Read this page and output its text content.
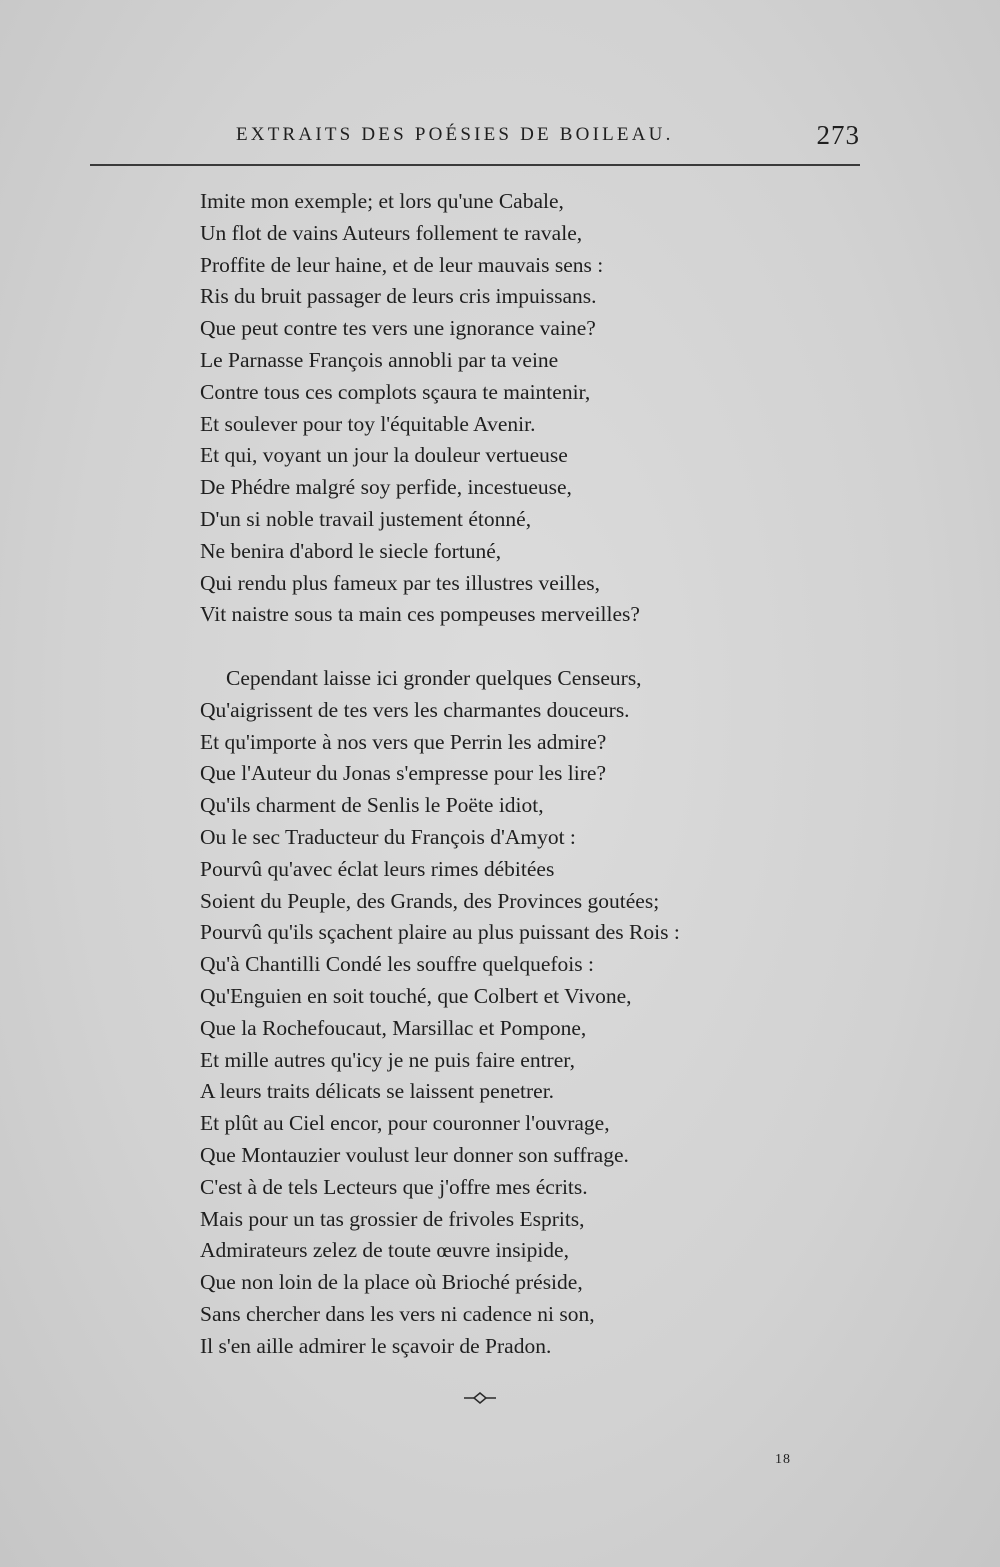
EXTRAITS DES POÉSIES DE BOILEAU.	273
Imite mon exemple; et lors qu'une Cabale,
Un flot de vains Auteurs follement te ravale,
Proffite de leur haine, et de leur mauvais sens :
Ris du bruit passager de leurs cris impuissans.
Que peut contre tes vers une ignorance vaine?
Le Parnasse François annobli par ta veine
Contre tous ces complots sçaura te maintenir,
Et soulever pour toy l'équitable Avenir.
Et qui, voyant un jour la douleur vertueuse
De Phédre malgré soy perfide, incestueuse,
D'un si noble travail justement étonné,
Ne benira d'abord le siecle fortuné,
Qui rendu plus fameux par tes illustres veilles,
Vit naistre sous ta main ces pompeuses merveilles?
Cependant laisse ici gronder quelques Censeurs,
Qu'aigrissent de tes vers les charmantes douceurs.
Et qu'importe à nos vers que Perrin les admire?
Que l'Auteur du Jonas s'empresse pour les lire?
Qu'ils charment de Senlis le Poëte idiot,
Ou le sec Traducteur du François d'Amyot :
Pourvû qu'avec éclat leurs rimes débitées
Soient du Peuple, des Grands, des Provinces goutées;
Pourvû qu'ils sçachent plaire au plus puissant des Rois :
Qu'à Chantilli Condé les souffre quelquefois :
Qu'Enguien en soit touché, que Colbert et Vivone,
Que la Rochefoucaut, Marsillac et Pompone,
Et mille autres qu'icy je ne puis faire entrer,
A leurs traits délicats se laissent penetrer.
Et plût au Ciel encor, pour couronner l'ouvrage,
Que Montauzier voulust leur donner son suffrage.
C'est à de tels Lecteurs que j'offre mes écrits.
Mais pour un tas grossier de frivoles Esprits,
Admirateurs zelez de toute œuvre insipide,
Que non loin de la place où Brioché préside,
Sans chercher dans les vers ni cadence ni son,
Il s'en aille admirer le sçavoir de Pradon.
18
